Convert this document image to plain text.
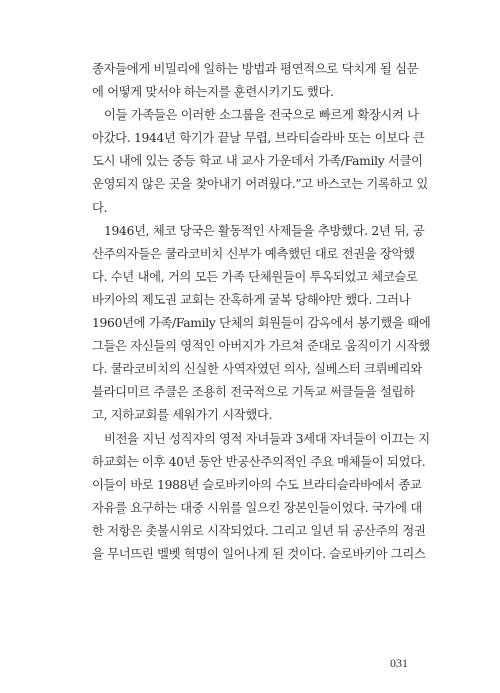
종자들에게 비밀리에 일하는 방법과 평연적으로 닥치게 될 심문
에 어떻게 맞서야 하는지를 훈련시키기도 했다.
이들 가족들은 이러한 소그룹을 전국으로 빠르게 확장시켜 나
아갔다. 1944년 학기가 끝날 무렵, 브라티슬라바 또는 이보다 큰
도시 내에 있는 중등 학교 내 교사 가운데서 가족/Family 서클이
운영되지 않은 곳을 찾아내기 어려웠다.”고 바스코는 기록하고 있
다.
1946년, 체코 당국은 활동적인 사제들을 추방했다. 2년 뒤, 공
산주의자들은 쿨라코비치 신부가 예측했던 대로 전권을 장악했
다. 수년 내에, 거의 모든 가족 단체원들이 투옥되었고 체코슬로
바키아의 제도권 교회는 잔혹하게 굴복 당해야만 했다. 그러나
1960년에 가족/Family 단체의 회원들이 감옥에서 봉기했을 때에
그들은 자신들의 영적인 아버지가 가르쳐 준대로 움직이기 시작했
다. 쿨라코비치의 신실한 사역자였던 의사, 실베스터 크뤼베리와
블라디미르 주클은 조용히 전국적으로 기독교 써클들을 설립하
고, 지하교회를 세워가기 시작했다.
비전을 지닌 성직자의 영적 자녀들과 3세대 자녀들이 이끄는 지
하교회는 이후 40년 동안 반공산주의적인 주요 매체들이 되었다.
이들이 바로 1988년 슬로바키아의 수도 브라티슬라바에서 종교
자유를 요구하는 대중 시위를 일으킨 장본인들이었다. 국가에 대
한 저항은 촛불시위로 시작되었다. 그리고 일년 뒤 공산주의 정권
을 무너뜨린 벨벳 혁명이 일어나게 된 것이다. 슬로바키아 그리스
031
